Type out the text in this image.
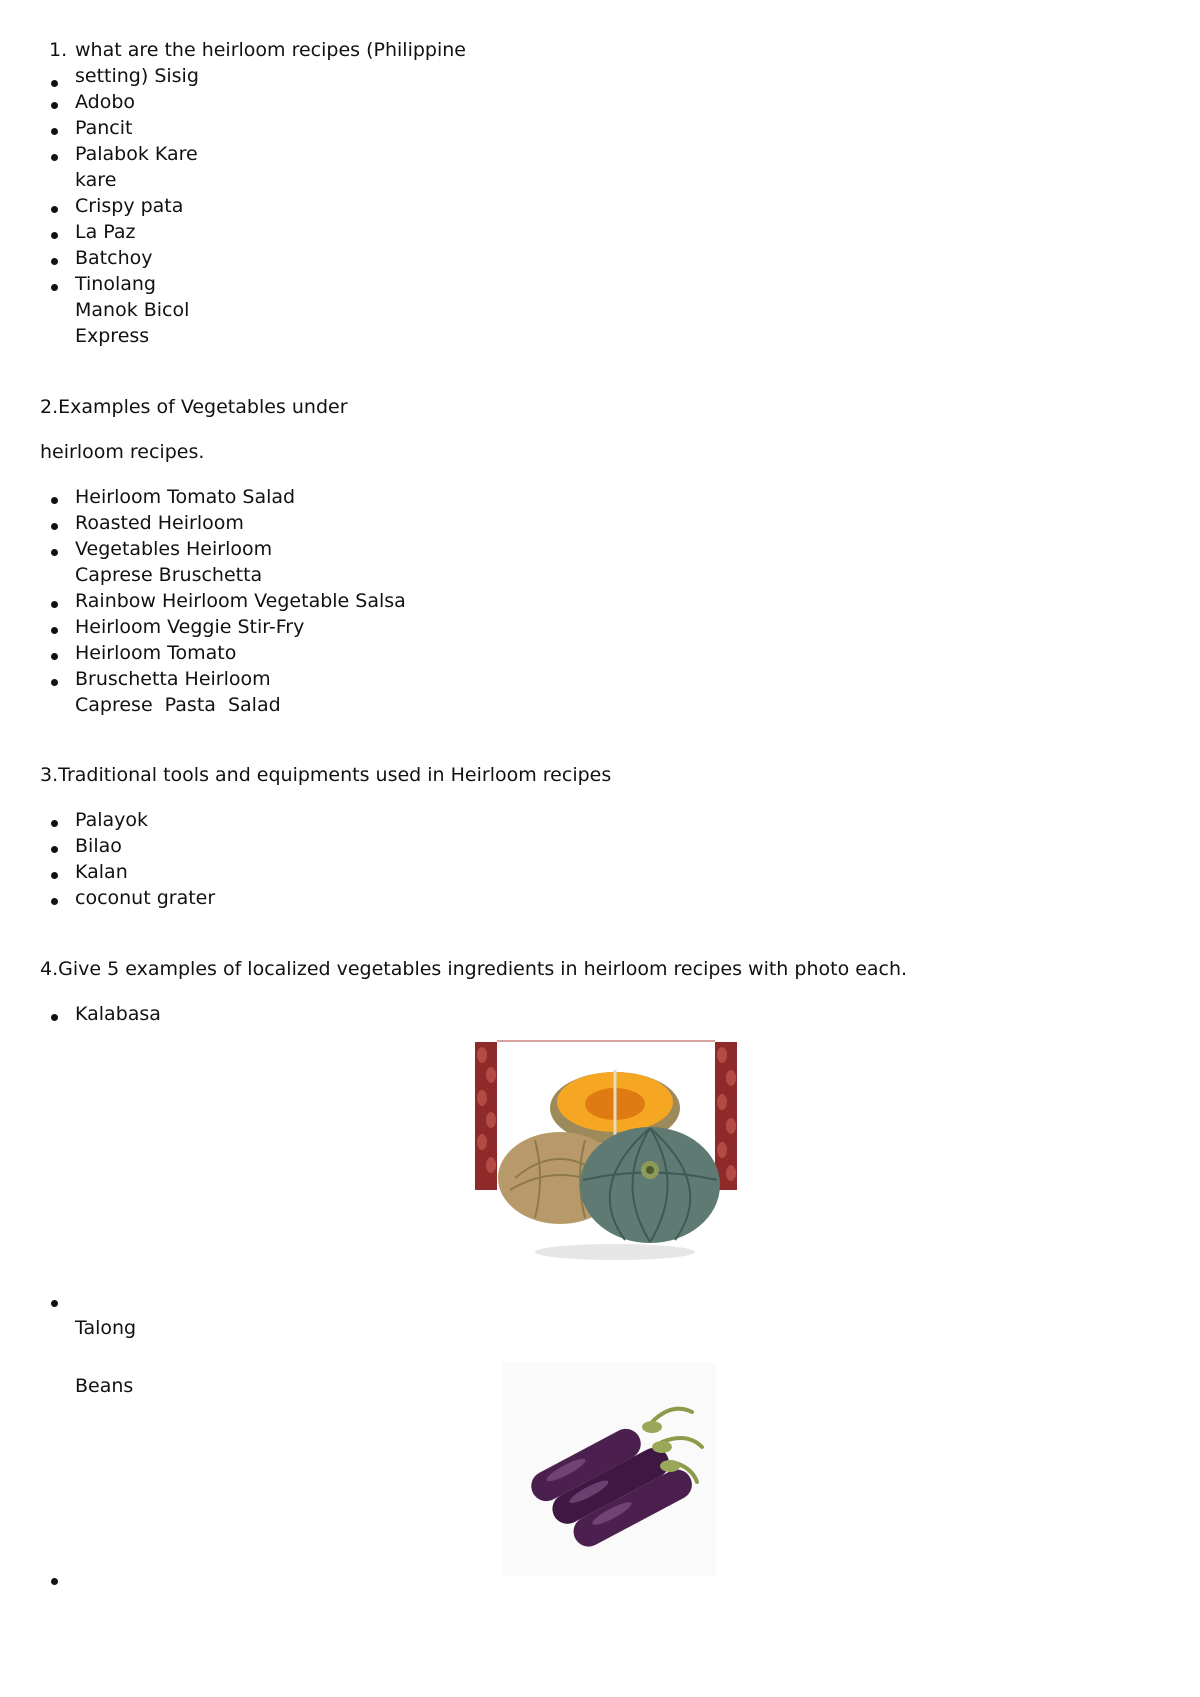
1. what are the heirloom recipes (Philippine
setting) Sisig
Adobo
Pancit
Palabok Kare
kare
Crispy pata
La Paz
Batchoy
Tinolang
Manok Bicol
Express
2.Examples of Vegetables under
heirloom recipes.
Heirloom Tomato Salad
Roasted Heirloom
Vegetables Heirloom
Caprese Bruschetta
Rainbow Heirloom Vegetable Salsa
Heirloom Veggie Stir-Fry
Heirloom Tomato
Bruschetta Heirloom
Caprese Pasta Salad
3.Traditional tools and equipments used in Heirloom recipes
Palayok
Bilao
Kalan
coconut grater
4.Give 5 examples of localized vegetables ingredients in heirloom recipes with photo each.
Kalabasa
Talong
Beans
